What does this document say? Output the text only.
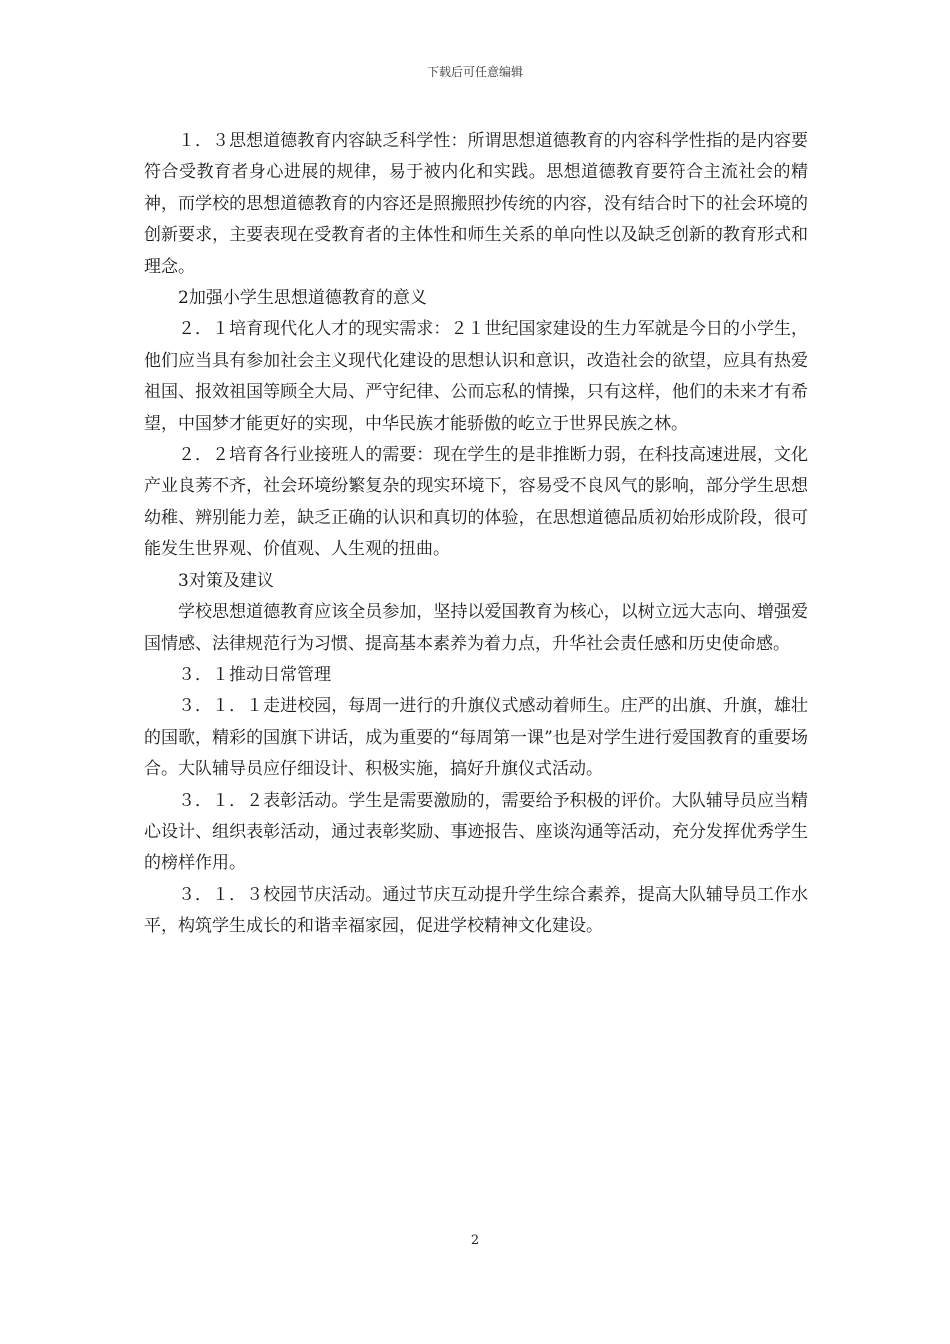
下载后可任意编辑

１．３思想道德教育内容缺乏科学性：所谓思想道德教育的内容科学性指的是内容要符合受教育者身心进展的规律，易于被内化和实践。思想道德教育要符合主流社会的精神，而学校的思想道德教育的内容还是照搬照抄传统的内容，没有结合时下的社会环境的创新要求，主要表现在受教育者的主体性和师生关系的单向性以及缺乏创新的教育形式和理念。

2加强小学生思想道德教育的意义

２．１培育现代化人才的现实需求：２１世纪国家建设的生力军就是今日的小学生，他们应当具有参加社会主义现代化建设的思想认识和意识，改造社会的欲望，应具有热爱祖国、报效祖国等顾全大局、严守纪律、公而忘私的情操，只有这样，他们的未来才有希望，中国梦才能更好的实现，中华民族才能骄傲的屹立于世界民族之林。

２．２培育各行业接班人的需要：现在学生的是非推断力弱，在科技高速进展，文化产业良莠不齐，社会环境纷繁复杂的现实环境下，容易受不良风气的影响，部分学生思想幼稚、辨别能力差，缺乏正确的认识和真切的体验，在思想道德品质初始形成阶段，很可能发生世界观、价值观、人生观的扭曲。

3对策及建议

学校思想道德教育应该全员参加，坚持以爱国教育为核心，以树立远大志向、增强爱国情感、法律规范行为习惯、提高基本素养为着力点，升华社会责任感和历史使命感。

３．１推动日常管理

３．１．１走进校园，每周一进行的升旗仪式感动着师生。庄严的出旗、升旗，雄壮的国歌，精彩的国旗下讲话，成为重要的“每周第一课”也是对学生进行爱国教育的重要场合。大队辅导员应仔细设计、积极实施，搞好升旗仪式活动。

３．１．２表彰活动。学生是需要激励的，需要给予积极的评价。大队辅导员应当精心设计、组织表彰活动，通过表彰奖励、事迹报告、座谈沟通等活动，充分发挥优秀学生的榜样作用。

３．１．３校园节庆活动。通过节庆互动提升学生综合素养，提高大队辅导员工作水平，构筑学生成长的和谐幸福家园，促进学校精神文化建设。

2
